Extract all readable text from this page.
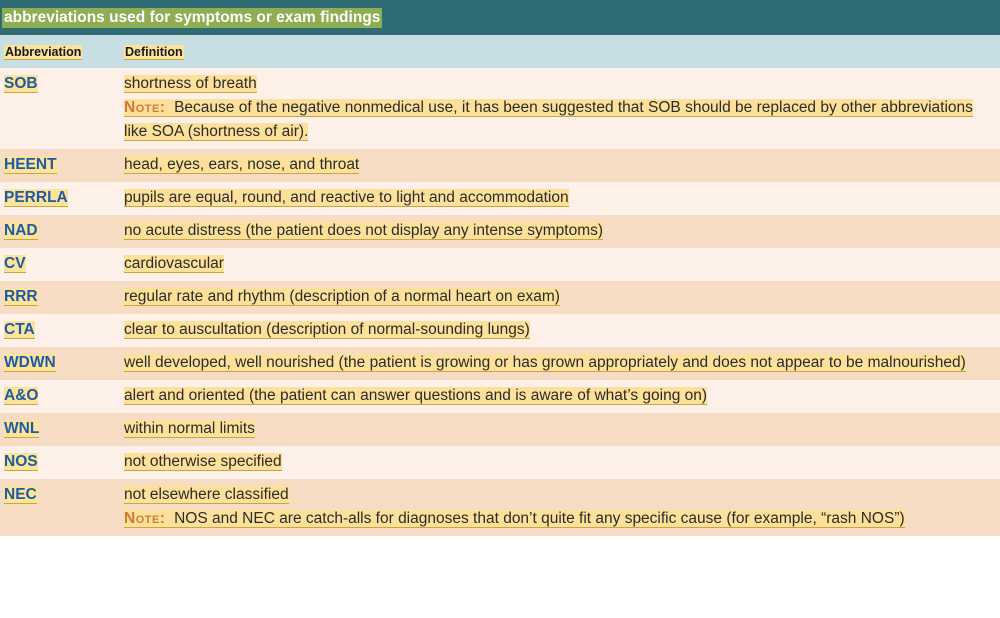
abbreviations used for symptoms or exam findings
Abbreviation	Definition
SOB	shortness of breath
Note: Because of the negative nonmedical use, it has been suggested that SOB should be replaced by other abbreviations like SOA (shortness of air).

HEENT	head, eyes, ears, nose, and throat
PERRLA	pupils are equal, round, and reactive to light and accommodation
NAD	no acute distress (the patient does not display any intense symptoms)
CV	cardiovascular
RRR	regular rate and rhythm (description of a normal heart on exam)
CTA	clear to auscultation (description of normal-sounding lungs)
WDWN	well developed, well nourished (the patient is growing or has grown appropriately and does not appear to be malnourished)
A&O	alert and oriented (the patient can answer questions and is aware of what’s going on)
WNL	within normal limits
NOS	not otherwise specified
NEC	not elsewhere classified
Note: NOS and NEC are catch-alls for diagnoses that don’t quite fit any specific cause (for example, “rash NOS”)
